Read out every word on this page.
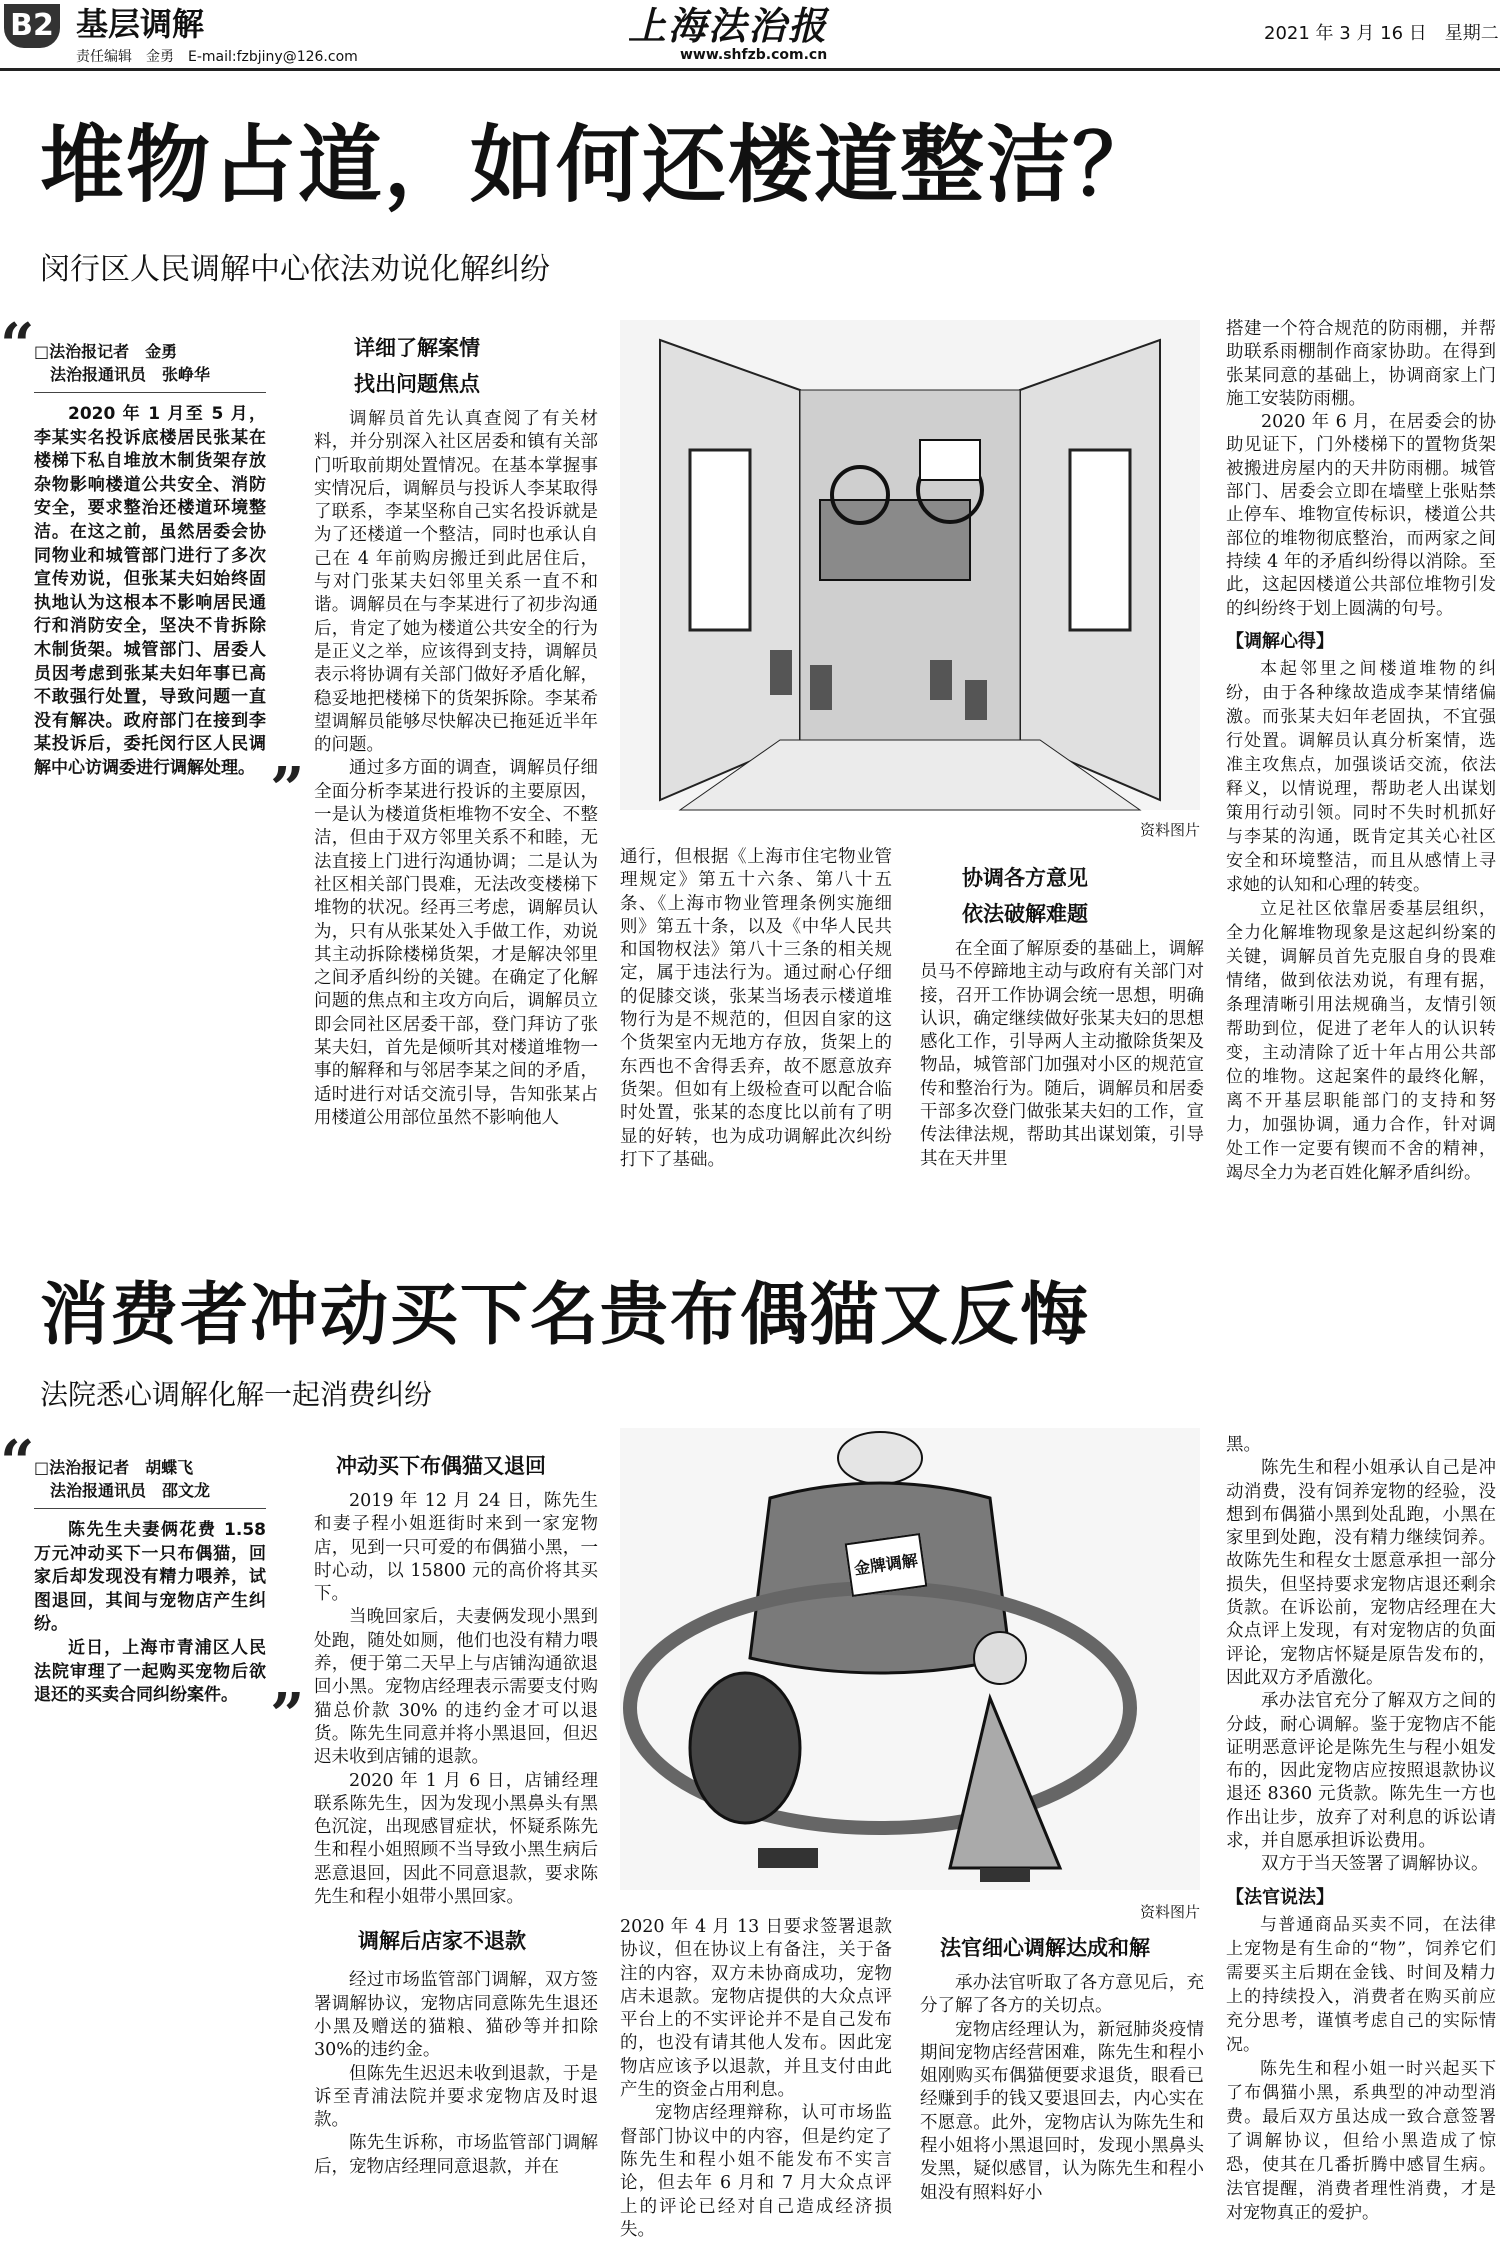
B2 基层调解
责任编辑　金勇　E-mail:fzbjiny@126.com
上海法治报
www.shfzb.com.cn
2021 年 3 月 16 日　星期二
堆物占道，如何还楼道整洁？
闵行区人民调解中心依法劝说化解纠纷
“ □法治报记者　金勇
　法治报通讯员　张峥华

2020 年 1 月至 5 月，李某实名投诉底楼居民张某在楼梯下私自堆放木制货架存放杂物影响楼道公共安全、消防安全，要求整治还楼道环境整洁。在这之前，虽然居委会协同物业和城管部门进行了多次宣传劝说，但张某夫妇始终固执地认为这根本不影响居民通行和消防安全，坚决不肯拆除木制货架。城管部门、居委人员因考虑到张某夫妇年事已高不敢强行处置，导致问题一直没有解决。政府部门在接到李某投诉后，委托闵行区人民调解中心访调委进行调解处理。 ”
详细了解案情
找出问题焦点

调解员首先认真查阅了有关材料，并分别深入社区居委和镇有关部门听取前期处置情况。在基本掌握事实情况后，调解员与投诉人李某取得了联系，李某坚称自己实名投诉就是为了还楼道一个整洁，同时也承认自己在 4 年前购房搬迁到此居住后，与对门张某夫妇邻里关系一直不和谐。调解员在与李某进行了初步沟通后，肯定了她为楼道公共安全的行为是正义之举，应该得到支持，调解员表示将协调有关部门做好矛盾化解，稳妥地把楼梯下的货架拆除。李某希望调解员能够尽快解决已拖延近半年的问题。

通过多方面的调查，调解员仔细全面分析李某进行投诉的主要原因，一是认为楼道货柜堆物不安全、不整洁，但由于双方邻里关系不和睦，无法直接上门进行沟通协调；二是认为社区相关部门畏难，无法改变楼梯下堆物的状况。经再三考虑，调解员认为，只有从张某处入手做工作，劝说其主动拆除楼梯货架，才是解决邻里之间矛盾纠纷的关键。在确定了化解问题的焦点和主攻方向后，调解员立即会同社区居委干部，登门拜访了张某夫妇，首先是倾听其对楼道堆物一事的解释和与邻居李某之间的矛盾，适时进行对话交流引导，告知张某占用楼道公用部位虽然不影响他人

资料图片

通行，但根据《上海市住宅物业管理规定》第五十六条、第八十五条、《上海市物业管理条例实施细则》第五十条，以及《中华人民共和国物权法》第八十三条的相关规定，属于违法行为。通过耐心仔细的促膝交谈，张某当场表示楼道堆物行为是不规范的，但因自家的这个货架室内无地方存放，货架上的东西也不舍得丢弃，故不愿意放弃货架。但如有上级检查可以配合临时处置，张某的态度比以前有了明显的好转，也为成功调解此次纠纷打下了基础。

协调各方意见
依法破解难题

在全面了解原委的基础上，调解员马不停蹄地主动与政府有关部门对接，召开工作协调会统一思想，明确认识，确定继续做好张某夫妇的思想感化工作，引导两人主动撤除货架及物品，城管部门加强对小区的规范宣传和整治行为。随后，调解员和居委干部多次登门做张某夫妇的工作，宣传法律法规，帮助其出谋划策，引导其在天井里

搭建一个符合规范的防雨棚，并帮助联系雨棚制作商家协助。在得到张某同意的基础上，协调商家上门施工安装防雨棚。

2020 年 6 月，在居委会的协助见证下，门外楼梯下的置物货架被搬进房屋内的天井防雨棚。城管部门、居委会立即在墙壁上张贴禁止停车、堆物宣传标识，楼道公共部位的堆物彻底整治，而两家之间持续 4 年的矛盾纠纷得以消除。至此，这起因楼道公共部位堆物引发的纠纷终于划上圆满的句号。

【调解心得】

本起邻里之间楼道堆物的纠纷，由于各种缘故造成李某情绪偏激。而张某夫妇年老固执，不宜强行处置。调解员认真分析案情，选准主攻焦点，加强谈话交流，依法释义，以情说理，帮助老人出谋划策用行动引领。同时不失时机抓好与李某的沟通，既肯定其关心社区安全和环境整洁，而且从感情上寻求她的认知和心理的转变。

立足社区依靠居委基层组织，全力化解堆物现象是这起纠纷案的关键，调解员首先克服自身的畏难情绪，做到依法劝说，有理有据，条理清晰引用法规确当，友情引领帮助到位，促进了老年人的认识转变，主动清除了近十年占用公共部位的堆物。这起案件的最终化解，离不开基层职能部门的支持和努力，加强协调，通力合作，针对调处工作一定要有锲而不舍的精神，竭尽全力为老百姓化解矛盾纠纷。

消费者冲动买下名贵布偶猫又反悔
法院悉心调解化解一起消费纠纷
“ □法治报记者　胡蝶飞
　法治报通讯员　邵文龙

陈先生夫妻俩花费 1.58 万元冲动买下一只布偶猫，回家后却发现没有精力喂养，试图退回，其间与宠物店产生纠纷。

近日，上海市青浦区人民法院审理了一起购买宠物后欲退还的买卖合同纠纷案件。 ”
冲动买下布偶猫又退回

2019 年 12 月 24 日，陈先生和妻子程小姐逛街时来到一家宠物店，见到一只可爱的布偶猫小黑，一时心动，以 15800 元的高价将其买下。

当晚回家后，夫妻俩发现小黑到处跑，随处如厕，他们也没有精力喂养，便于第二天早上与店铺沟通欲退回小黑。宠物店经理表示需要支付购猫总价款 30% 的违约金才可以退货。陈先生同意并将小黑退回，但迟迟未收到店铺的退款。

2020 年 1 月 6 日，店铺经理联系陈先生，因为发现小黑鼻头有黑色沉淀，出现感冒症状，怀疑系陈先生和程小姐照顾不当导致小黑生病后恶意退回，因此不同意退款，要求陈先生和程小姐带小黑回家。

调解后店家不退款

经过市场监管部门调解，双方签署调解协议，宠物店同意陈先生退还小黑及赠送的猫粮、猫砂等并扣除 30%的违约金。

但陈先生迟迟未收到退款，于是诉至青浦法院并要求宠物店及时退款。

陈先生诉称，市场监管部门调解后，宠物店经理同意退款，并在

金牌调解
资料图片

2020 年 4 月 13 日要求签署退款协议，但在协议上有备注，关于备注的内容，双方未协商成功，宠物店未退款。宠物店提供的大众点评平台上的不实评论并不是自己发布的，也没有请其他人发布。因此宠物店应该予以退款，并且支付由此产生的资金占用利息。

宠物店经理辩称，认可市场监督部门协议中的内容，但是约定了陈先生和程小姐不能发布不实言论，但去年 6 月和 7 月大众点评上的评论已经对自己造成经济损失。

法官细心调解达成和解

承办法官听取了各方意见后，充分了解了各方的关切点。

宠物店经理认为，新冠肺炎疫情期间宠物店经营困难，陈先生和程小姐刚购买布偶猫便要求退货，眼看已经赚到手的钱又要退回去，内心实在不愿意。此外，宠物店认为陈先生和程小姐将小黑退回时，发现小黑鼻头发黑，疑似感冒，认为陈先生和程小姐没有照料好小

黑。

陈先生和程小姐承认自己是冲动消费，没有饲养宠物的经验，没想到布偶猫小黑到处乱跑，小黑在家里到处跑，没有精力继续饲养。故陈先生和程女士愿意承担一部分损失，但坚持要求宠物店退还剩余货款。在诉讼前，宠物店经理在大众点评上发现，有对宠物店的负面评论，宠物店怀疑是原告发布的，因此双方矛盾激化。

承办法官充分了解双方之间的分歧，耐心调解。鉴于宠物店不能证明恶意评论是陈先生与程小姐发布的，因此宠物店应按照退款协议退还 8360 元货款。陈先生一方也作出让步，放弃了对利息的诉讼请求，并自愿承担诉讼费用。

双方于当天签署了调解协议。

【法官说法】

与普通商品买卖不同，在法律上宠物是有生命的“物”，饲养它们需要买主后期在金钱、时间及精力上的持续投入，消费者在购买前应充分思考，谨慎考虑自己的实际情况。

陈先生和程小姐一时兴起买下了布偶猫小黑，系典型的冲动型消费。最后双方虽达成一致合意签署了调解协议，但给小黑造成了惊恐，使其在几番折腾中感冒生病。法官提醒，消费者理性消费，才是对宠物真正的爱护。
